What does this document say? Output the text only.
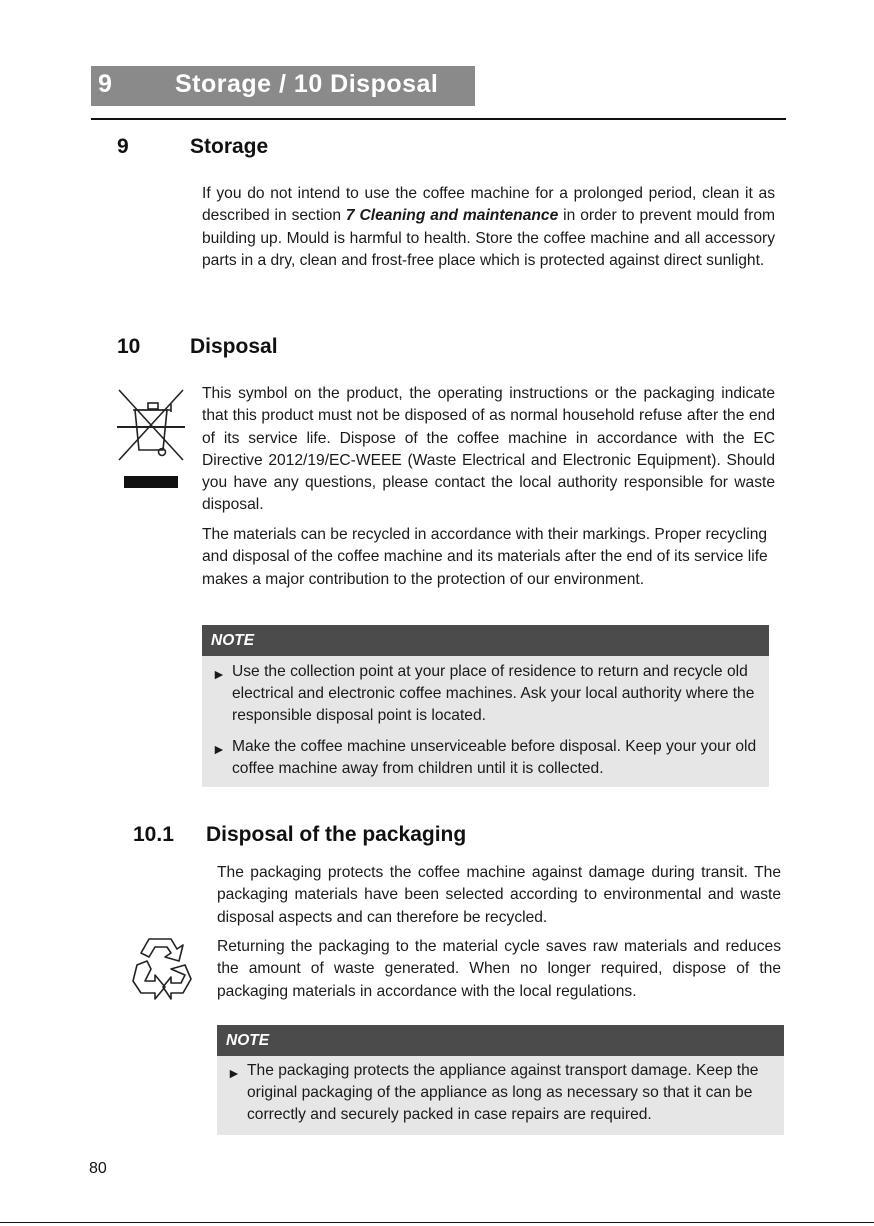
9	Storage / 10 Disposal
9	Storage

If you do not intend to use the coffee machine for a prolonged period, clean it as described in section 7 Cleaning and maintenance in order to prevent mould from building up. Mould is harmful to health. Store the coffee machine and all accessory parts in a dry, clean and frost-free place which is protected against direct sunlight.

10 Disposal

This symbol on the product, the operating instructions or the packaging indicate that this product must not be disposed of as normal household refuse after the end of its service life. Dispose of the coffee machine in accordance with the EC Directive 2012/19/EC-WEEE (Waste Electrical and Electronic Equipment). Should you have any questions, please contact the local authority responsible for waste disposal.

The materials can be recycled in accordance with their markings. Proper recycling and disposal of the coffee machine and its materials after the end of its service life makes a major contribution to the protection of our environment.

NOTE
► Use the collection point at your place of residence to return and recycle old electrical and electronic coffee machines. Ask your local authority where the responsible disposal point is located.
► Make the coffee machine unserviceable before disposal. Keep your your old coffee machine away from children until it is collected.
10.1 Disposal of the packaging

The packaging protects the coffee machine against damage during transit. The packaging materials have been selected according to environmental and waste disposal aspects and can therefore be recycled.

Returning the packaging to the material cycle saves raw materials and reduces the amount of waste generated. When no longer required, dispose of the packaging materials in accordance with the local regulations.

NOTE
► The packaging protects the appliance against transport damage. Keep the original packaging of the appliance as long as necessary so that it can be correctly and securely packed in case repairs are required.
80
